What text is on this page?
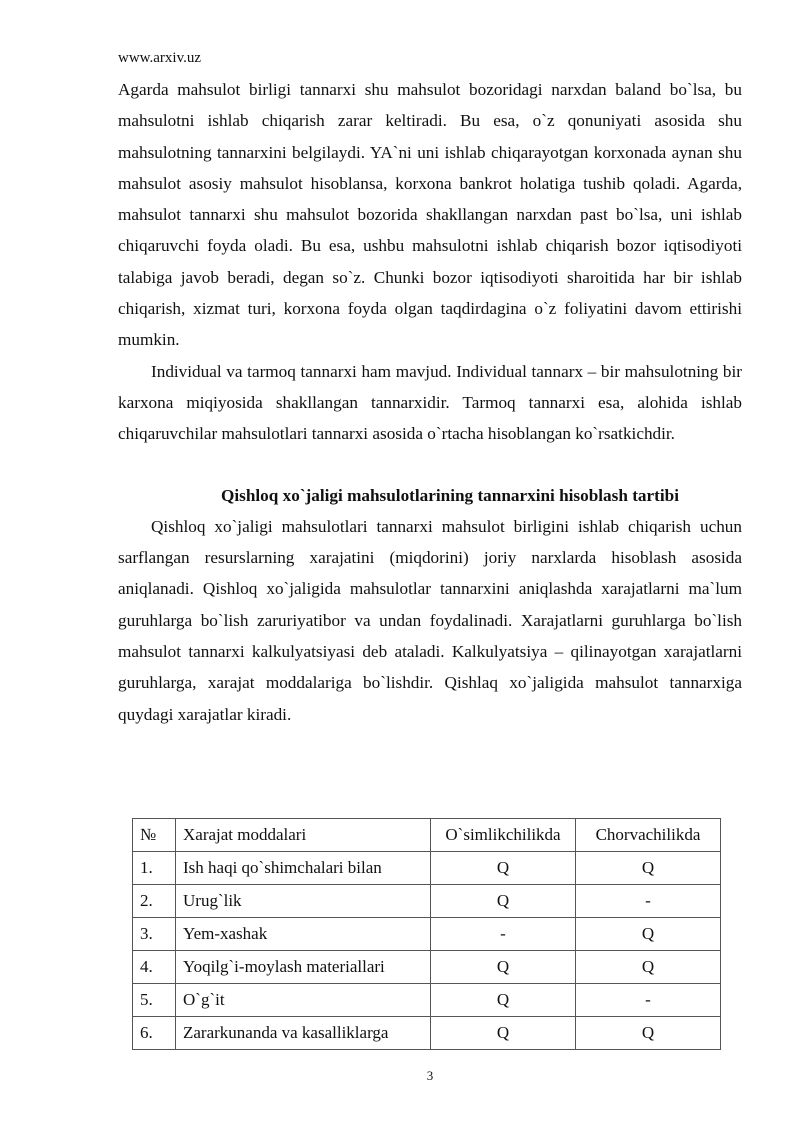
www.arxiv.uz

Agarda mahsulot birligi tannarxi shu mahsulot bozoridagi narxdan baland bo`lsa, bu mahsulotni ishlab chiqarish zarar keltiradi. Bu esa, o`z qonuniyati asosida shu mahsulotning tannarxini belgilaydi. YA`ni uni ishlab chiqarayotgan korxonada aynan shu mahsulot asosiy mahsulot hisoblansa, korxona bankrot holatiga tushib qoladi. Agarda, mahsulot tannarxi shu mahsulot bozorida shakllangan narxdan past bo`lsa, uni ishlab chiqaruvchi foyda oladi. Bu esa, ushbu mahsulotni ishlab chiqarish bozor iqtisodiyoti talabiga javob beradi, degan so`z. Chunki bozor iqtisodiyoti sharoitida har bir ishlab chiqarish, xizmat turi, korxona foyda olgan taqdirdagina o`z foliyatini davom ettirishi mumkin.

Individual va tarmoq tannarxi ham mavjud. Individual tannarx – bir mahsulotning bir karxona miqiyosida shakllangan tannarxidir. Tarmoq tannarxi esa, alohida ishlab chiqaruvchilar mahsulotlari tannarxi asosida o`rtacha hisoblangan ko`rsatkichdir.

Qishloq xo`jaligi mahsulotlarining tannarxini hisoblash tartibi

Qishloq xo`jaligi mahsulotlari tannarxi mahsulot birligini ishlab chiqarish uchun sarflangan resurslarning xarajatini (miqdorini) joriy narxlarda hisoblash asosida aniqlanadi. Qishloq xo`jaligida mahsulotlar tannarxini aniqlashda xarajatlarni ma`lum guruhlarga bo`lish zaruriyatibor va undan foydalinadi. Xarajatlarni guruhlarga bo`lish mahsulot tannarxi kalkulyatsiyasi deb ataladi. Kalkulyatsiya – qilinayotgan xarajatlarni guruhlarga, xarajat moddalariga bo`lishdir. Qishlaq xo`jaligida mahsulot tannarxiga quydagi xarajatlar kiradi.

№	Xarajat moddalari	O`simlikchilikda	Chorvachilikda
1.	Ish haqi qo`shimchalari bilan	Q	Q
2.	Urug`lik	Q	-
3.	Yem-xashak	-	Q
4.	Yoqilg`i-moylash materiallari	Q	Q
5.	O`g`it	Q	-
6.	Zararkunanda va kasalliklarga	Q	Q
3
